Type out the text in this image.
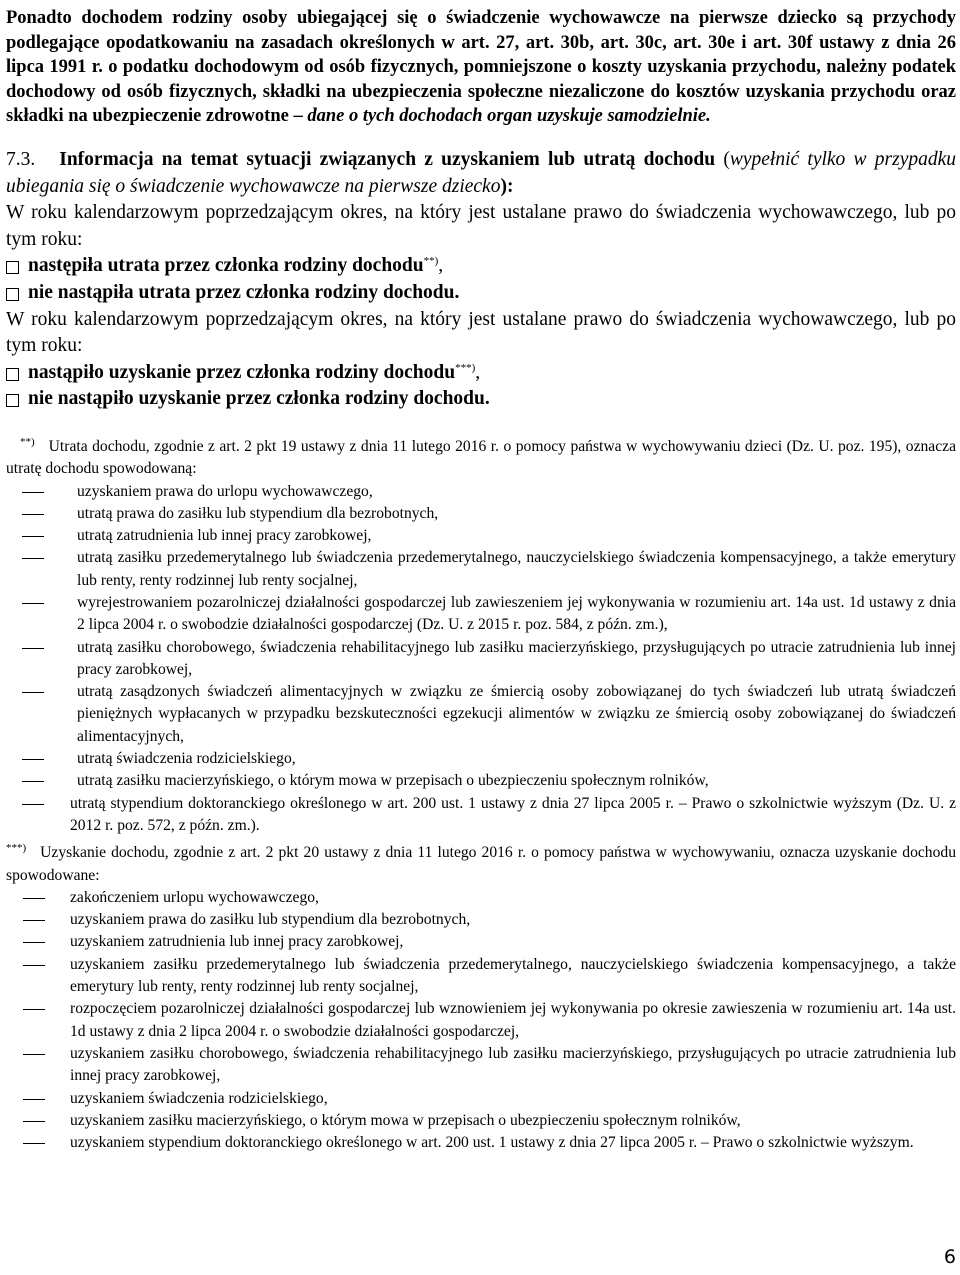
Ponadto dochodem rodziny osoby ubiegającej się o świadczenie wychowawcze na pierwsze dziecko są przychody podlegające opodatkowaniu na zasadach określonych w art. 27, art. 30b, art. 30c, art. 30e i art. 30f ustawy z dnia 26 lipca 1991 r. o podatku dochodowym od osób fizycznych, pomniejszone o koszty uzyskania przychodu, należny podatek dochodowy od osób fizycznych, składki na ubezpieczenia społeczne niezaliczone do kosztów uzyskania przychodu oraz składki na ubezpieczenie zdrowotne – dane o tych dochodach organ uzyskuje samodzielnie.

7.3. Informacja na temat sytuacji związanych z uzyskaniem lub utratą dochodu (wypełnić tylko w przypadku ubiegania się o świadczenie wychowawcze na pierwsze dziecko):
W roku kalendarzowym poprzedzającym okres, na który jest ustalane prawo do świadczenia wychowawczego, lub po tym roku:
następiła utrata przez członka rodziny dochodu**),
nie nastąpiła utrata przez członka rodziny dochodu.
W roku kalendarzowym poprzedzającym okres, na który jest ustalane prawo do świadczenia wychowawczego, lub po tym roku:
nastąpiło uzyskanie przez członka rodziny dochodu***),
nie nastąpiło uzyskanie przez członka rodziny dochodu.
**) Utrata dochodu, zgodnie z art. 2 pkt 19 ustawy z dnia 11 lutego 2016 r. o pomocy państwa w wychowywaniu dzieci (Dz. U. poz. 195), oznacza utratę dochodu spowodowaną:
uzyskaniem prawa do urlopu wychowawczego,
utratą prawa do zasiłku lub stypendium dla bezrobotnych,
utratą zatrudnienia lub innej pracy zarobkowej,
utratą zasiłku przedemerytalnego lub świadczenia przedemerytalnego, nauczycielskiego świadczenia kompensacyjnego, a także emerytury lub renty, renty rodzinnej lub renty socjalnej,
wyrejestrowaniem pozarolniczej działalności gospodarczej lub zawieszeniem jej wykonywania w rozumieniu art. 14a ust. 1d ustawy z dnia 2 lipca 2004 r. o swobodzie działalności gospodarczej (Dz. U. z 2015 r. poz. 584, z późn. zm.),
utratą zasiłku chorobowego, świadczenia rehabilitacyjnego lub zasiłku macierzyńskiego, przysługujących po utracie zatrudnienia lub innej pracy zarobkowej,
utratą zasądzonych świadczeń alimentacyjnych w związku ze śmiercią osoby zobowiązanej do tych świadczeń lub utratą świadczeń pieniężnych wypłacanych w przypadku bezskuteczności egzekucji alimentów w związku ze śmiercią osoby zobowiązanej do świadczeń alimentacyjnych,
utratą świadczenia rodzicielskiego,
utratą zasiłku macierzyńskiego, o którym mowa w przepisach o ubezpieczeniu społecznym rolników,
utratą stypendium doktoranckiego określonego w art. 200 ust. 1 ustawy z dnia 27 lipca 2005 r. – Prawo o szkolnictwie wyższym (Dz. U. z 2012 r. poz. 572, z późn. zm.).
***) Uzyskanie dochodu, zgodnie z art. 2 pkt 20 ustawy z dnia 11 lutego 2016 r. o pomocy państwa w wychowywaniu, oznacza uzyskanie dochodu spowodowane:
zakończeniem urlopu wychowawczego,
uzyskaniem prawa do zasiłku lub stypendium dla bezrobotnych,
uzyskaniem zatrudnienia lub innej pracy zarobkowej,
uzyskaniem zasiłku przedemerytalnego lub świadczenia przedemerytalnego, nauczycielskiego świadczenia kompensacyjnego, a także emerytury lub renty, renty rodzinnej lub renty socjalnej,
rozpoczęciem pozarolniczej działalności gospodarczej lub wznowieniem jej wykonywania po okresie zawieszenia w rozumieniu art. 14a ust. 1d ustawy z dnia 2 lipca 2004 r. o swobodzie działalności gospodarczej,
uzyskaniem zasiłku chorobowego, świadczenia rehabilitacyjnego lub zasiłku macierzyńskiego, przysługujących po utracie zatrudnienia lub innej pracy zarobkowej,
uzyskaniem świadczenia rodzicielskiego,
uzyskaniem zasiłku macierzyńskiego, o którym mowa w przepisach o ubezpieczeniu społecznym rolników,
uzyskaniem stypendium doktoranckiego określonego w art. 200 ust. 1 ustawy z dnia 27 lipca 2005 r. – Prawo o szkolnictwie wyższym.
6
